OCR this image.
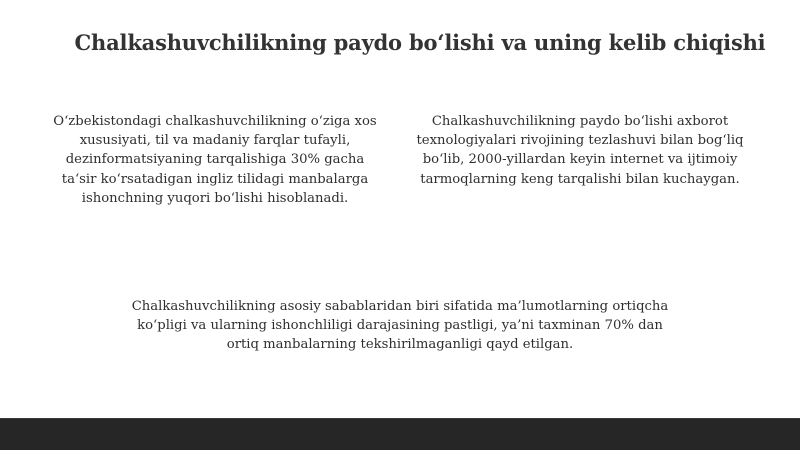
Chalkashuvchilikning paydo bo‘lishi va uning kelib chiqishi

O‘zbekistondagi chalkashuvchilikning o‘ziga xos xususiyati, til va madaniy farqlar tufayli, dezinformatsiyaning tarqalishiga 30% gacha ta‘sir ko‘rsatadigan ingliz tilidagi manbalarga ishonchning yuqori bo‘lishi hisoblanadi.

Chalkashuvchilikning paydo bo‘lishi axborot texnologiyalari rivojining tezlashuvi bilan bog‘liq bo‘lib, 2000-yillardan keyin internet va ijtimoiy tarmoqlarning keng tarqalishi bilan kuchaygan.

Chalkashuvchilikning asosiy sabablaridan biri sifatida ma’lumotlarning ortiqcha ko‘pligi va ularning ishonchliligi darajasining pastligi, ya’ni taxminan 70% dan ortiq manbalarning tekshirilmaganligi qayd etilgan.
